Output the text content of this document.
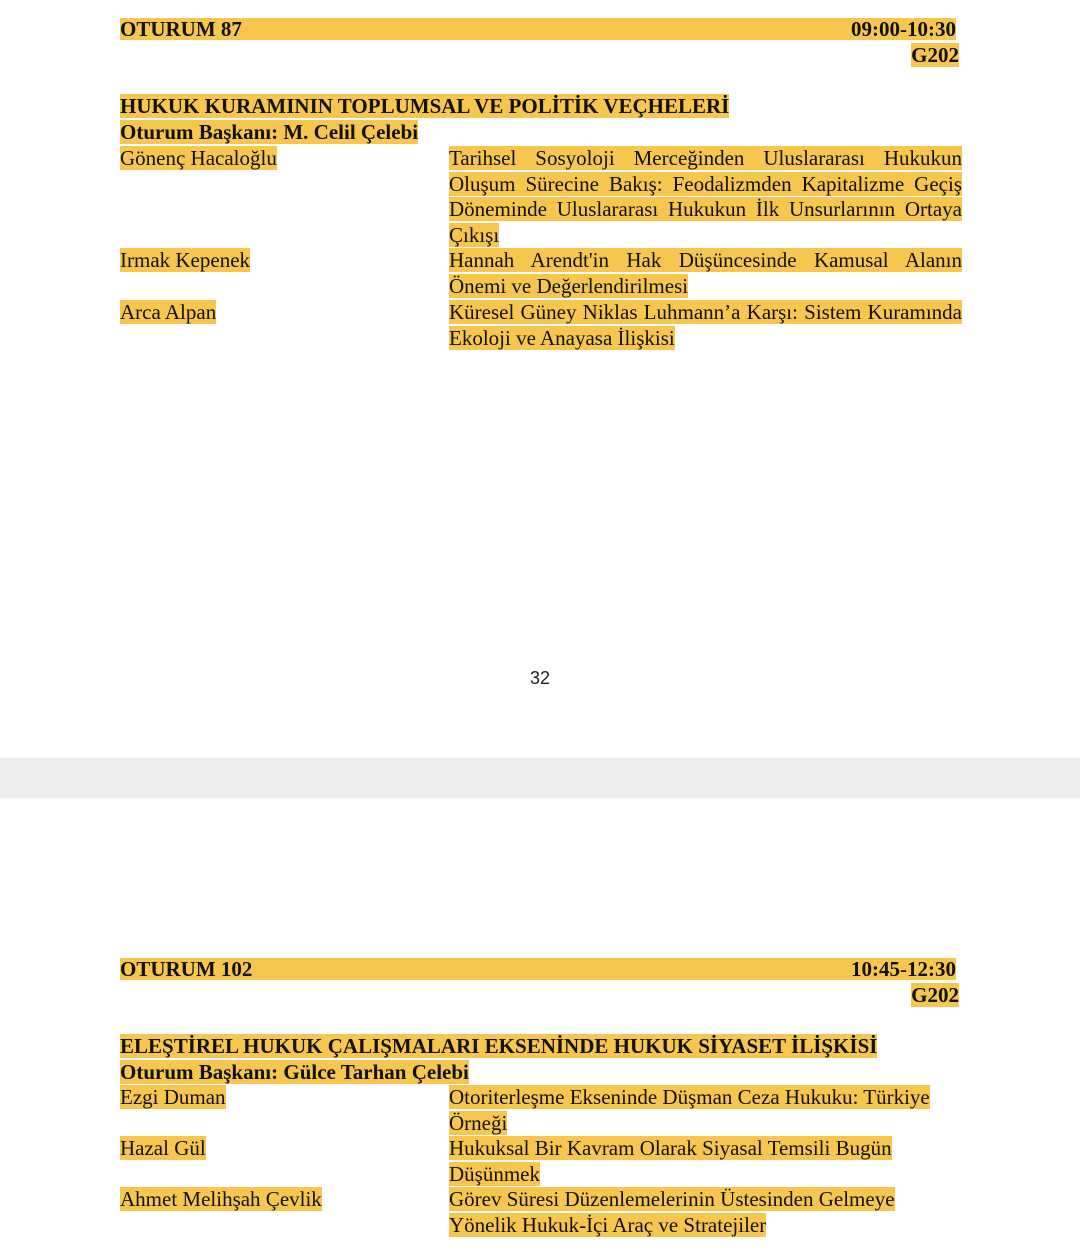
OTURUM 87	09:00-10:30
G202
HUKUK KURAMININ TOPLUMSAL VE POLİTİK VEÇHELERİ
Oturum Başkanı: M. Celil Çelebi
Gönenç Hacaloğlu	Tarihsel Sosyoloji Merceğinden Uluslararası Hukukun Oluşum Sürecine Bakış: Feodalizmden Kapitalizme Geçiş Döneminde Uluslararası Hukukun İlk Unsurlarının Ortaya Çıkışı
Irmak Kepenek	Hannah Arendt'in Hak Düşüncesinde Kamusal Alanın Önemi ve Değerlendirilmesi
Arca Alpan	Küresel Güney Niklas Luhmann’a Karşı: Sistem Kuramında Ekoloji ve Anayasa İlişkisi
32
OTURUM 102	10:45-12:30
G202
ELEŞTİREL HUKUK ÇALIŞMALARI EKSENİNDE HUKUK SİYASET İLİŞKİSİ
Oturum Başkanı: Gülce Tarhan Çelebi
Ezgi Duman	Otoriterleşme Ekseninde Düşman Ceza Hukuku: Türkiye Örneği
Hazal Gül	Hukuksal Bir Kavram Olarak Siyasal Temsili Bugün Düşünmek
Ahmet Melihşah Çevlik	Görev Süresi Düzenlemelerinin Üstesinden Gelmeye Yönelik Hukuk-İçi Araç ve Stratejiler
